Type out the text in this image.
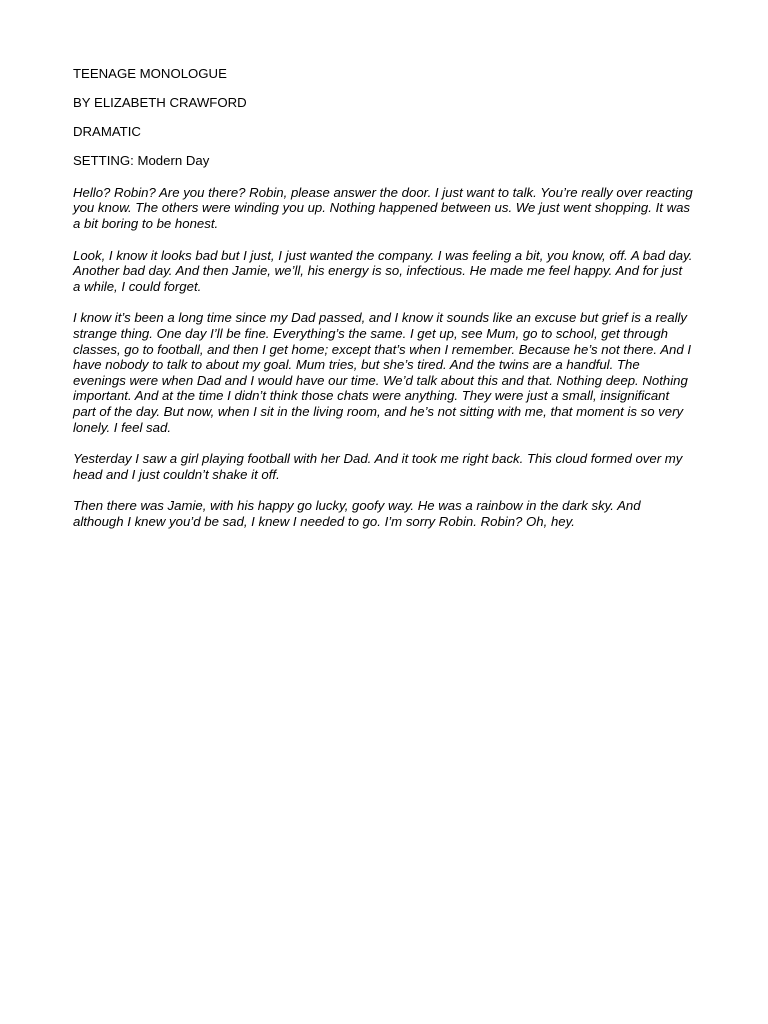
TEENAGE MONOLOGUE
BY ELIZABETH CRAWFORD
DRAMATIC
SETTING: Modern Day

Hello? Robin? Are you there? Robin, please answer the door. I just want to talk. You’re really over reacting you know. The others were winding you up. Nothing happened between us. We just went shopping. It was a bit boring to be honest.

Look, I know it looks bad but I just, I just wanted the company. I was feeling a bit, you know, off. A bad day. Another bad day. And then Jamie, we’ll, his energy is so, infectious. He made me feel happy. And for just a while, I could forget.

I know it’s been a long time since my Dad passed, and I know it sounds like an excuse but grief is a really strange thing. One day I’ll be fine. Everything’s the same. I get up, see Mum, go to school, get through classes, go to football, and then I get home; except that’s when I remember. Because he’s not there. And I have nobody to talk to about my goal. Mum tries, but she’s tired. And the twins are a handful. The evenings were when Dad and I would have our time. We’d talk about this and that. Nothing deep. Nothing important. And at the time I didn’t think those chats were anything. They were just a small, insignificant part of the day. But now, when I sit in the living room, and he’s not sitting with me, that moment is so very lonely. I feel sad.

Yesterday I saw a girl playing football with her Dad. And it took me right back. This cloud formed over my head and I just couldn’t shake it off.

Then there was Jamie, with his happy go lucky, goofy way. He was a rainbow in the dark sky. And although I knew you’d be sad, I knew I needed to go. I’m sorry Robin. Robin? Oh, hey.
